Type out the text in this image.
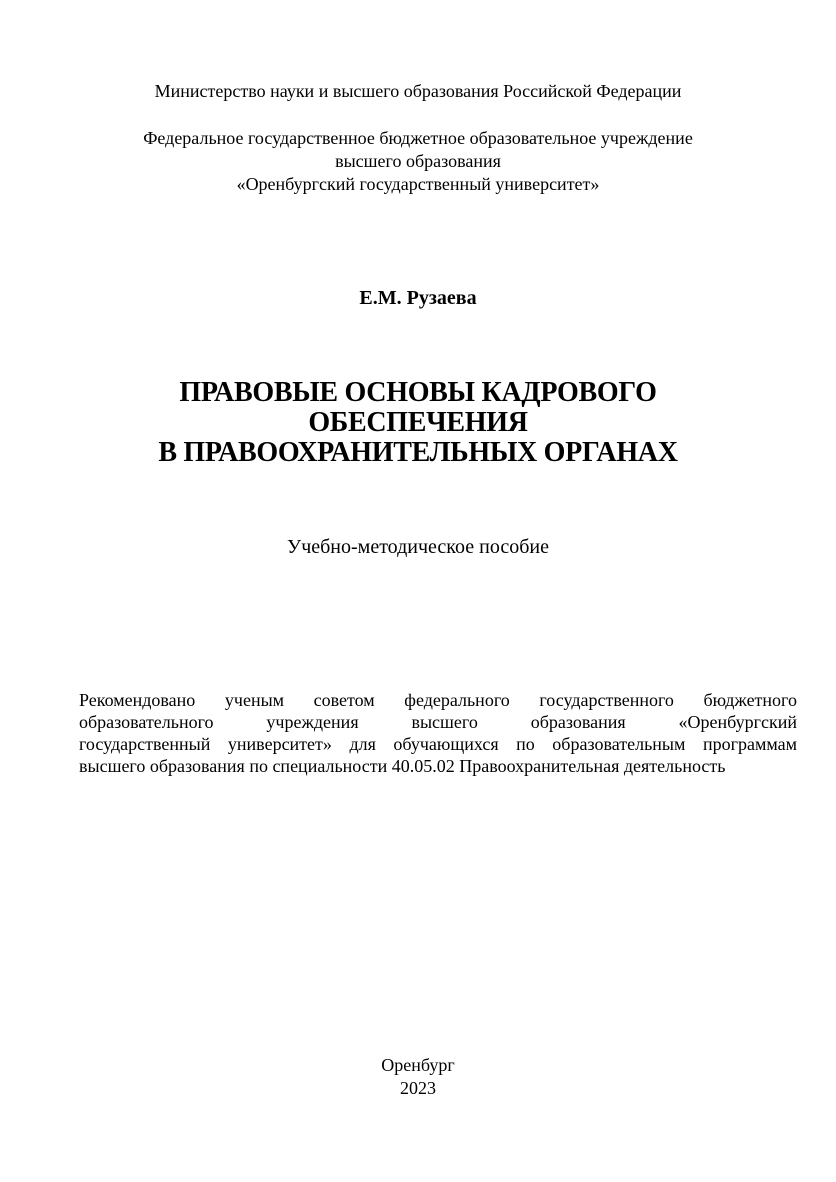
Министерство науки и высшего образования Российской Федерации
Федеральное государственное бюджетное образовательное учреждение
высшего образования
«Оренбургский государственный университет»
Е.М. Рузаева
ПРАВОВЫЕ ОСНОВЫ КАДРОВОГО
ОБЕСПЕЧЕНИЯ
В ПРАВООХРАНИТЕЛЬНЫХ ОРГАНАХ
Учебно-методическое пособие
Рекомендовано ученым советом федерального государственного бюджетного
образовательного учреждения высшего образования «Оренбургский
государственный университет» для обучающихся по образовательным программам
высшего образования по специальности 40.05.02 Правоохранительная деятельность
Оренбург
2023
